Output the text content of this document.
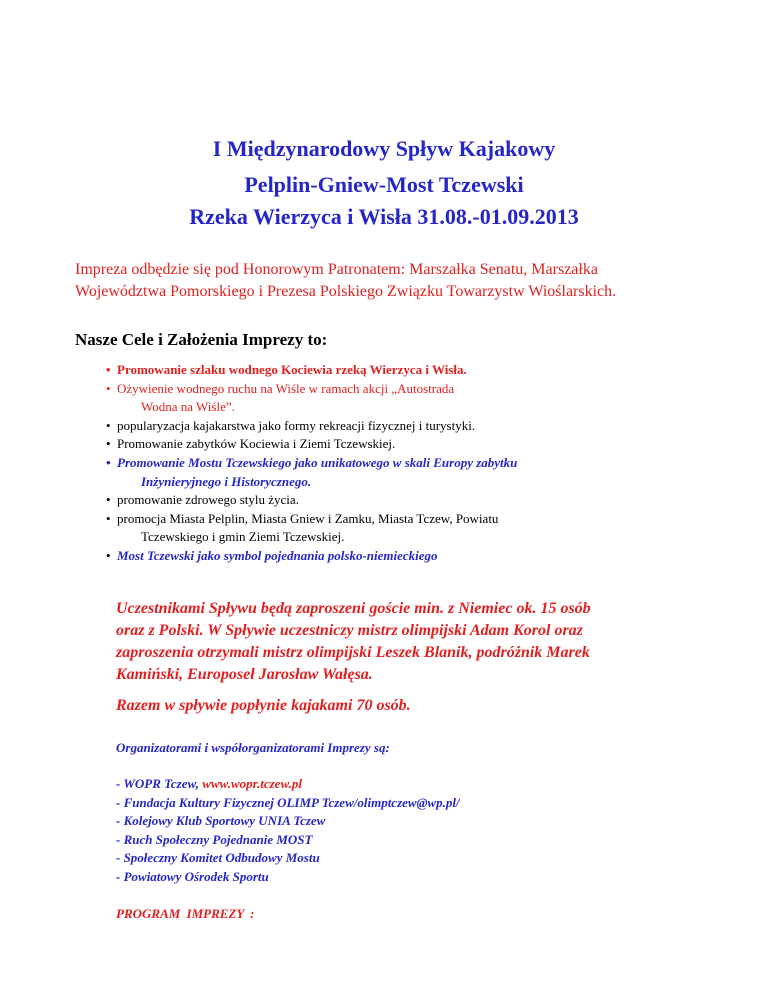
I Międzynarodowy Spływ Kajakowy
Pelplin-Gniew-Most Tczewski
Rzeka Wierzyca i Wisła 31.08.-01.09.2013
Impreza odbędzie się pod Honorowym Patronatem: Marszałka Senatu, Marszałka
Województwa Pomorskiego i Prezesa Polskiego Związku Towarzystw Wioślarskich.
Nasze Cele i Założenia Imprezy to:
• Promowanie szlaku wodnego Kociewia rzeką Wierzyca i Wisła.
• Ożywienie wodnego ruchu na Wiśle w ramach akcji „Autostrada
Wodna na Wiśle”.
• popularyzacja kajakarstwa jako formy rekreacji fizycznej i turystyki.
• Promowanie zabytków Kociewia i Ziemi Tczewskiej.
• Promowanie Mostu Tczewskiego jako unikatowego w skali Europy zabytku
Inżynieryjnego i Historycznego.
• promowanie zdrowego stylu życia.
• promocja Miasta Pelplin, Miasta Gniew i Zamku, Miasta Tczew, Powiatu
Tczewskiego i gmin Ziemi Tczewskiej.
• Most Tczewski jako symbol pojednania polsko-niemieckiego
Uczestnikami Spływu będą zaproszeni goście min. z Niemiec ok. 15 osób
oraz z Polski. W Spływie uczestniczy mistrz olimpijski Adam Korol oraz
zaproszenia otrzymali mistrz olimpijski Leszek Blanik, podróżnik Marek
Kamiński, Europoseł Jarosław Wałęsa.
Razem w spływie popłynie kajakami 70 osób.
Organizatorami i współorganizatorami Imprezy są:
- WOPR Tczew, www.wopr.tczew.pl
- Fundacja Kultury Fizycznej OLIMP Tczew/olimptczew@wp.pl/
- Kolejowy Klub Sportowy UNIA Tczew
- Ruch Społeczny Pojednanie MOST
- Społeczny Komitet Odbudowy Mostu
- Powiatowy Ośrodek Sportu
PROGRAM IMPREZY :
